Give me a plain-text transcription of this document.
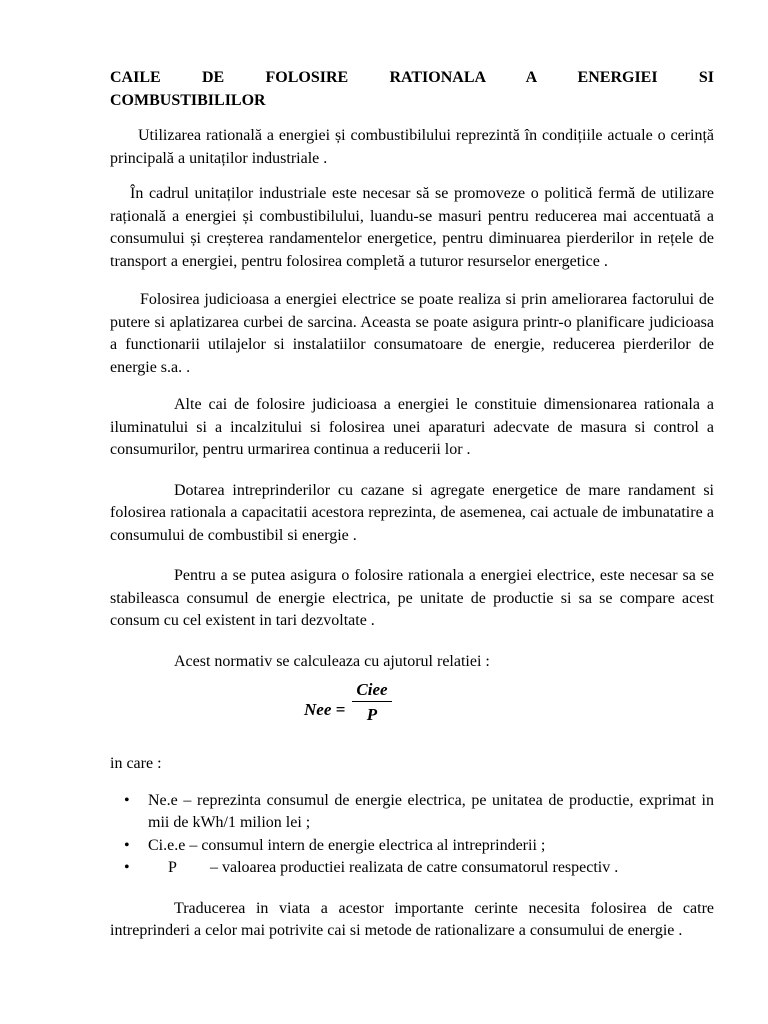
CAILE DE FOLOSIRE RATIONALA A ENERGIEI SI
COMBUSTIBILILOR

Utilizarea ratională a energiei și combustibilului reprezintă în condițiile actuale o cerință principală a unitaților industriale .

În cadrul unitaților industriale este necesar să se promoveze o politică fermă de utilizare rațională a energiei și combustibilului, luandu-se masuri pentru reducerea mai accentuată a consumului și creșterea randamentelor energetice, pentru diminuarea pierderilor in rețele de transport a energiei, pentru folosirea completă a tuturor resurselor energetice .

Folosirea judicioasa a energiei electrice se poate realiza si prin ameliorarea factorului de putere si aplatizarea curbei de sarcina. Aceasta se poate asigura printr-o planificare judicioasa a functionarii utilajelor si instalatiilor consumatoare de energie, reducerea pierderilor de energie s.a. .

Alte cai de folosire judicioasa a energiei le constituie dimensionarea rationala a iluminatului si a incalzitului si folosirea unei aparaturi adecvate de masura si control a consumurilor, pentru urmarirea continua a reducerii lor .

Dotarea intreprinderilor cu cazane si agregate energetice de mare randament si folosirea rationala a capacitatii acestora reprezinta, de asemenea, cai actuale de imbunatatire a consumului de combustibil si energie .

Pentru a se putea asigura o folosire rationala a energiei electrice, este necesar sa se stabileasca consumul de energie electrica, pe unitate de productie si sa se compare acest consum cu cel existent in tari dezvoltate .

Acest normativ se calculeaza cu ajutorul relatiei :

Nee =
Ciee
P

in care :

• Ne.e – reprezinta consumul de energie electrica, pe unitatea de productie, exprimat in mii de kWh/1 milion lei ;
• Ci.e.e – consumul intern de energie electrica al intreprinderii ;
• P – valoarea productiei realizata de catre consumatorul respectiv .

Traducerea in viata a acestor importante cerinte necesita folosirea de catre intreprinderi a celor mai potrivite cai si metode de rationalizare a consumului de energie .
